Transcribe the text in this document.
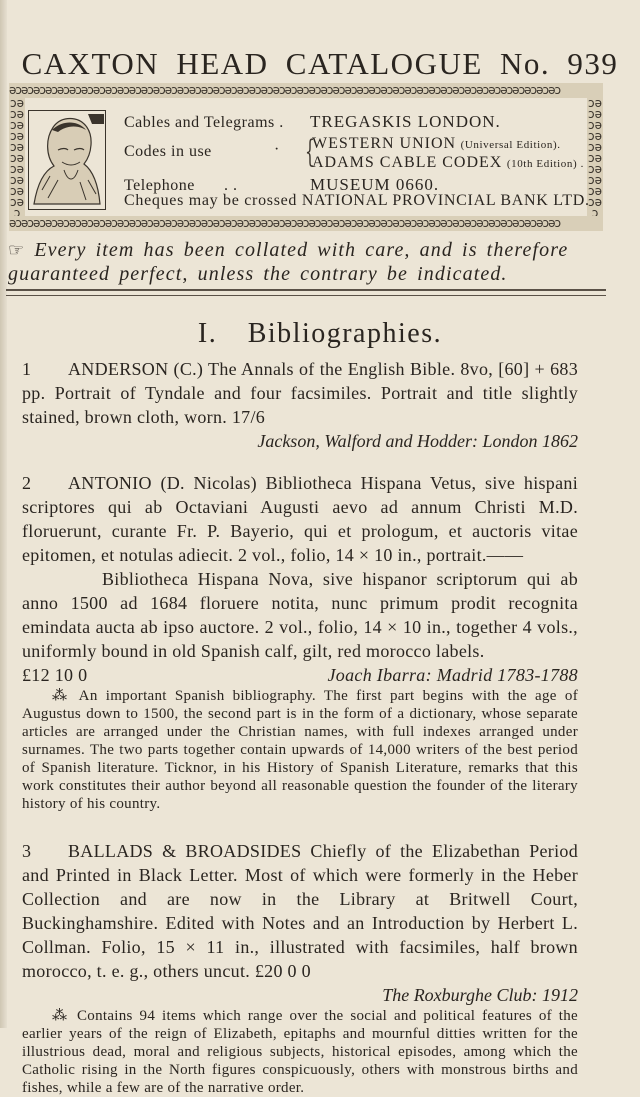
CAXTON HEAD CATALOGUE No. 939
ǝᴐǝᴐǝᴐǝᴐǝᴐǝᴐǝᴐǝᴐǝᴐǝᴐǝᴐǝᴐǝᴐǝᴐǝᴐǝᴐǝᴐǝᴐǝᴐǝᴐǝᴐǝᴐǝᴐǝᴐǝᴐǝᴐǝᴐǝᴐǝᴐǝᴐǝᴐǝᴐǝᴐǝᴐǝᴐǝᴐǝᴐǝᴐǝᴐǝᴐǝᴐǝᴐǝᴐǝᴐǝᴐǝᴐ
ǝᴐǝᴐǝᴐǝᴐǝᴐǝᴐǝᴐǝᴐǝᴐǝᴐǝᴐǝᴐǝᴐǝᴐǝᴐǝᴐǝᴐǝᴐǝᴐǝᴐǝᴐǝᴐǝᴐǝᴐǝᴐǝᴐǝᴐǝᴐǝᴐǝᴐǝᴐǝᴐǝᴐǝᴐǝᴐǝᴐǝᴐǝᴐǝᴐǝᴐǝᴐǝᴐǝᴐǝᴐǝᴐǝᴐ
ᴐǝᴐǝᴐǝᴐǝᴐǝᴐǝᴐǝᴐǝᴐǝᴐǝᴐ
ᴐǝᴐǝᴐǝᴐǝᴐǝᴐǝᴐǝᴐǝᴐǝᴐǝᴐ
Cables and Telegrams . TREGASKIS LONDON.
Codes in use	· {
WESTERN UNION (Universal Edition).
ADAMS CABLE CODEX (10th Edition) .
Telephone . .	MUSEUM 0660.
Cheques may be crossed NATIONAL PROVINCIAL BANK LTD.
☞ Every item has been collated with care, and is therefore guaranteed perfect, unless the contrary be indicated.
I. Bibliographies.

1 ANDERSON (C.) The Annals of the English Bible. 8vo, [60] + 683 pp. Portrait of Tyndale and four facsimiles. Portrait and title slightly stained, brown cloth, worn. 17/6

Jackson, Walford and Hodder: London 1862

2 ANTONIO (D. Nicolas) Bibliotheca Hispana Vetus, sive hispani scriptores qui ab Octaviani Augusti aevo ad annum Christi M.D. floruerunt, curante Fr. P. Bayerio, qui et prologum, et auctoris vitae epitomen, et notulas adiecit. 2 vol., folio, 14 × 10 in., portrait.——

Bibliotheca Hispana Nova, sive hispanor scriptorum qui ab anno 1500 ad 1684 floruere notita, nunc primum prodit recognita emindata aucta ab ipso auctore. 2 vol., folio, 14 × 10 in., together 4 vols., uniformly bound in old Spanish calf, gilt, red morocco labels.

£12 10 0	Joach Ibarra: Madrid 1783-1788

⁂ An important Spanish bibliography. The first part begins with the age of Augustus down to 1500, the second part is in the form of a dictionary, whose separate articles are arranged under the Christian names, with full indexes arranged under surnames. The two parts together contain upwards of 14,000 writers of the best period of Spanish literature. Ticknor, in his History of Spanish Literature, remarks that this work constitutes their author beyond all reasonable question the founder of the literary history of his country.

3 BALLADS & BROADSIDES Chiefly of the Elizabethan Period and Printed in Black Letter. Most of which were formerly in the Heber Collection and are now in the Library at Britwell Court, Buckinghamshire. Edited with Notes and an Introduction by Herbert L. Collman. Folio, 15 × 11 in., illustrated with facsimiles, half brown morocco, t. e. g., others uncut. £20 0 0

The Roxburghe Club: 1912

⁂ Contains 94 items which range over the social and political features of the earlier years of the reign of Elizabeth, epitaphs and mournful ditties written for the illustrious dead, moral and religious subjects, historical episodes, among which the Catholic rising in the North figures conspicuously, others with monstrous births and fishes, while a few are of the narrative order.
